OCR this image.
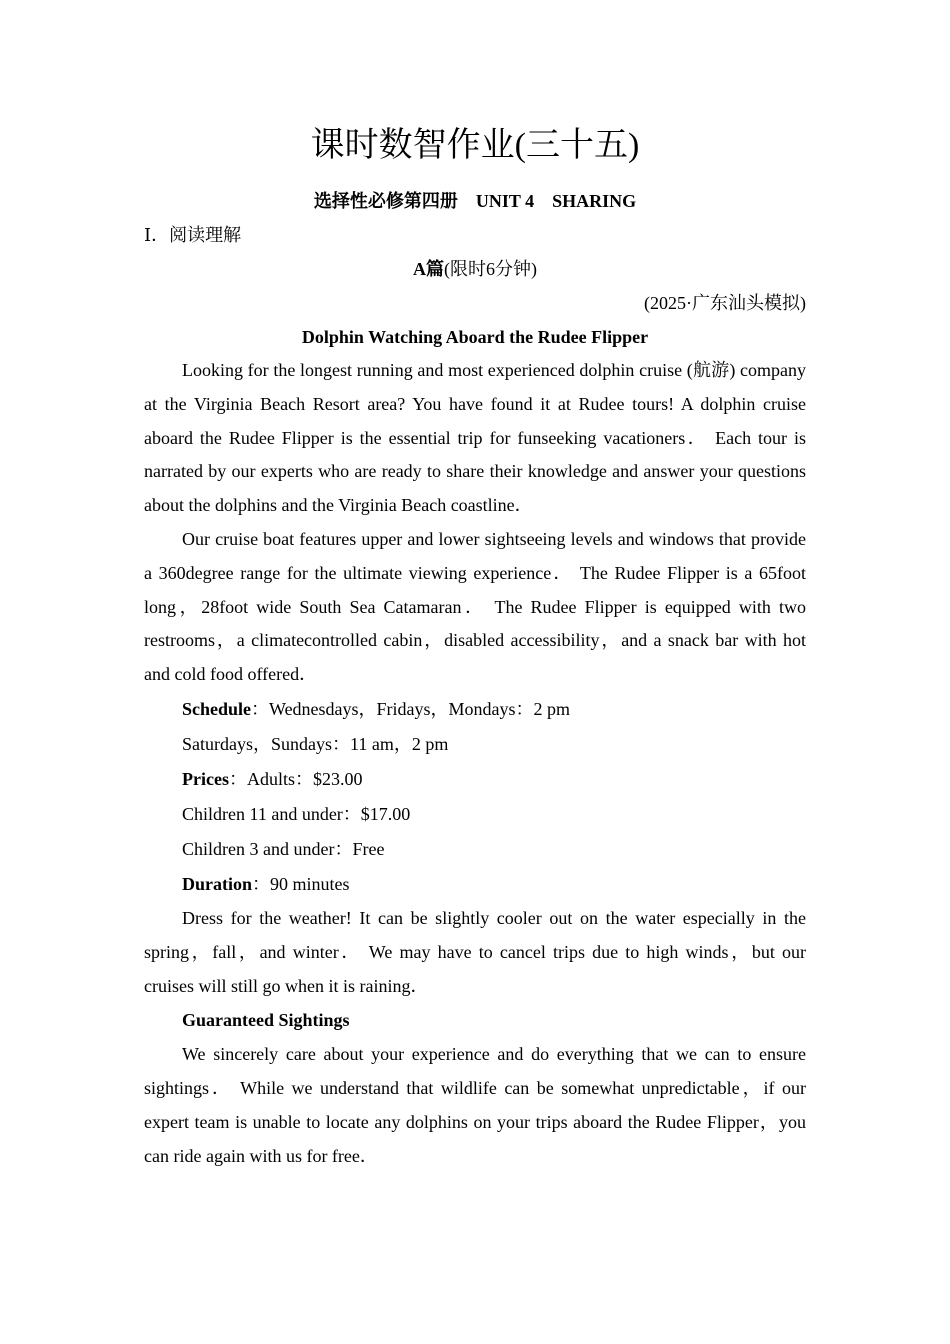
课时数智作业(三十五)
选择性必修第四册　UNIT 4　SHARING
Ⅰ．阅读理解
A篇(限时6分钟)
(2025·广东汕头模拟)
Dolphin Watching Aboard the Rudee Flipper

Looking for the longest running and most experienced dolphin cruise (航游) company at the Virginia Beach Resort area? You have found it at Rudee tours! A dolphin cruise aboard the Rudee Flipper is the essential trip for funseeking vacationers． Each tour is narrated by our experts who are ready to share their knowledge and answer your questions about the dolphins and the Virginia Beach coastline．

Our cruise boat features upper and lower sightseeing levels and windows that provide a 360degree range for the ultimate viewing experience． The Rudee Flipper is a 65foot long，28foot wide South Sea Catamaran． The Rudee Flipper is equipped with two restrooms，a climatecontrolled cabin，disabled accessibility，and a snack bar with hot and cold food offered．

Schedule：Wednesdays，Fridays，Mondays：2 pm

Saturdays，Sundays：11 am，2 pm

Prices：Adults：$23.00

Children 11 and under：$17.00

Children 3 and under：Free

Duration：90 minutes

Dress for the weather! It can be slightly cooler out on the water especially in the spring，fall，and winter． We may have to cancel trips due to high winds，but our cruises will still go when it is raining．

Guaranteed Sightings

We sincerely care about your experience and do everything that we can to ensure sightings． While we understand that wildlife can be somewhat unpredictable，if our expert team is unable to locate any dolphins on your trips aboard the Rudee Flipper，you can ride again with us for free．
